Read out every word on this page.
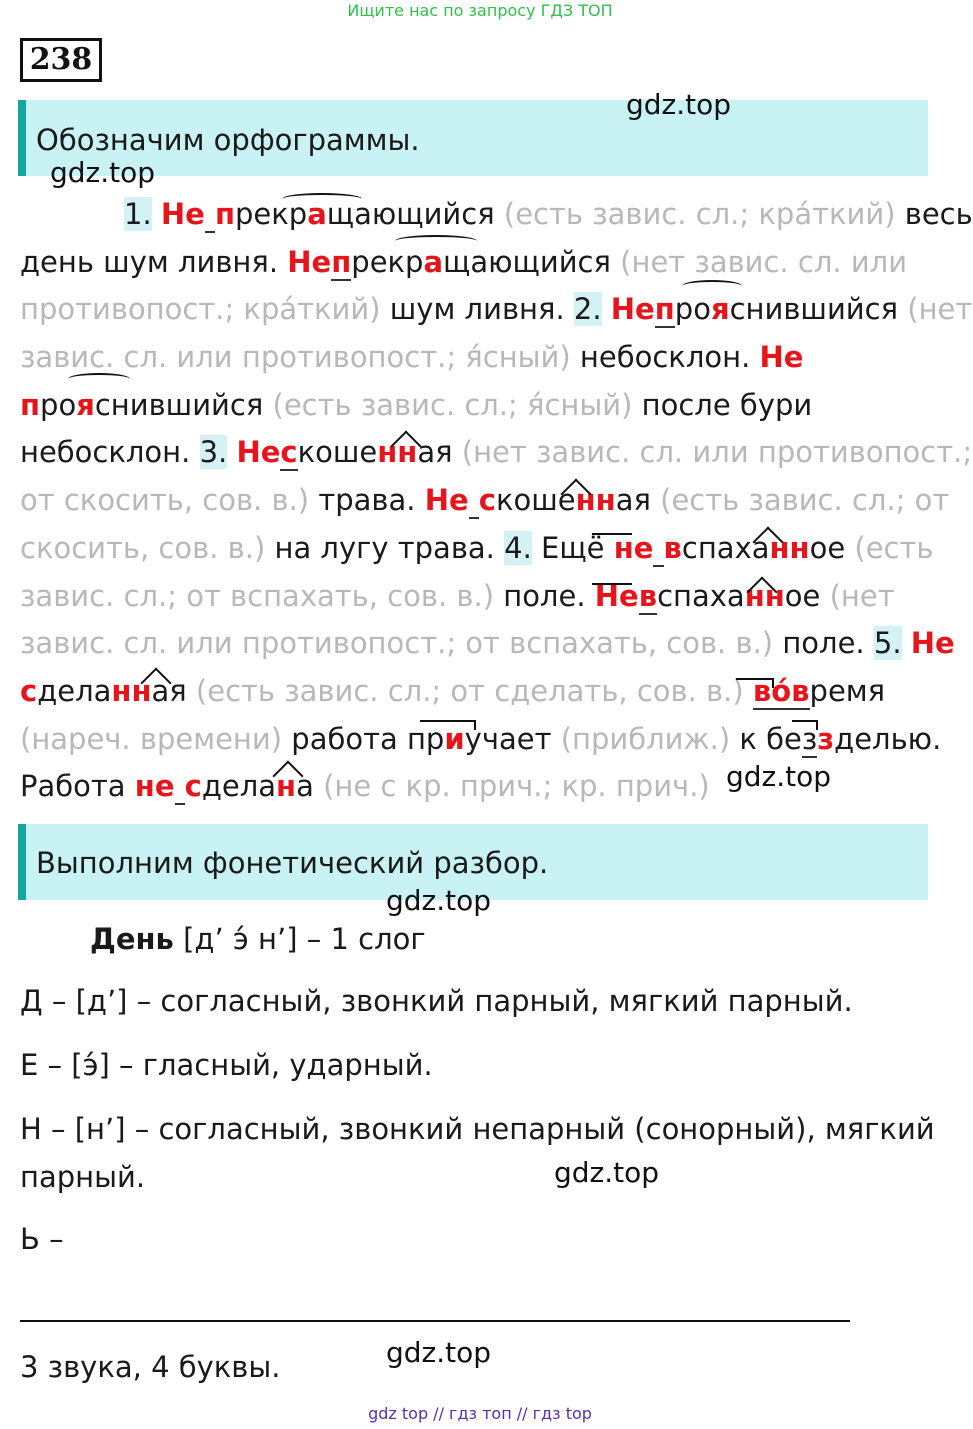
Ищите нас по запросу ГДЗ ТОП
238
Обозначим орфограммы.
gdz.top
gdz.top
1. Не прекращающийся (есть завис. сл.; кра́ткий) весь
день шум ливня. Непрекращающийся (нет завис. сл. или
противопост.; кра́ткий) шум ливня. 2. Непрояснившийся (нет
завис. сл. или противопост.; я́сный) небосклон. Не
прояснившийся (есть завис. сл.; я́сный) после бури
небосклон. 3. Нескошенная (нет завис. сл. или противопост.;
от скосить, сов. в.) трава. Не скошенная (есть завис. сл.; от
скосить, сов. в.) на лугу трава. 4. Ещё не вспаханное (есть
завис. сл.; от вспахать, сов. в.) поле. Невспаханное (нет
завис. сл. или противопост.; от вспахать, сов. в.) поле. 5. Не
сделанная (есть завис. сл.; от сделать, сов. в.) во́время
(нареч. времени) работа приучает (приближ.) к беззделью.
Работа не сделана (не с кр. прич.; кр. прич.) gdz.top
Выполним фонетический разбор.
gdz.top
День [д’ э́ н’] – 1 слог
Д – [д’] – согласный, звонкий парный, мягкий парный.
Е – [э́] – гласный, ударный.
Н – [н’] – согласный, звонкий непарный (сонорный), мягкий
парный.	gdz.top
Ь –
3 звука, 4 буквы.	gdz.top
gdz top // гдз топ // гдз top
